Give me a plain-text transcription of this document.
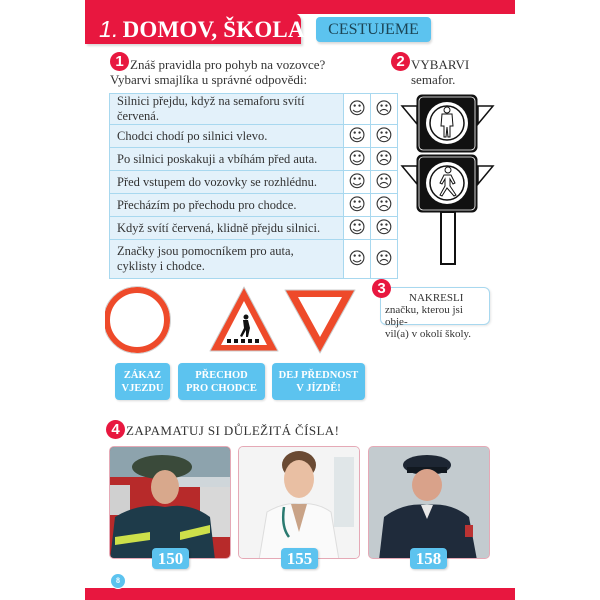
1. DOMOV, ŠKOLA	CESTUJEME
1 Znáš pravidla pro pohyb na vozovce?
Vybarvi smajlíka u správné odpovědi:
Silnici přejdu, když na semaforu svítí červená.	☺	☹
Chodci chodí po silnici vlevo.	☺	☹
Po silnici poskakuji a vbíhám před auta.	☺	☹
Před vstupem do vozovky se rozhlédnu.	☺	☹
Přecházím po přechodu pro chodce.	☺	☹
Když svítí červená, klidně přejdu silnici.	☺	☹
Značky jsou pomocníkem pro auta, cyklisty i chodce.	☺	☹
2 VYBARVI
semafor.
ZÁKAZ
VJEZDU
PŘECHOD
PRO CHODCE
DEJ PŘEDNOST
V JÍZDĚ!
NAKRESLI
značku, kterou jsi obje-
vil(a) v okolí školy.
3
4 ZAPAMATUJ SI DŮLEŽITÁ ČÍSLA!
150	155	158
8
